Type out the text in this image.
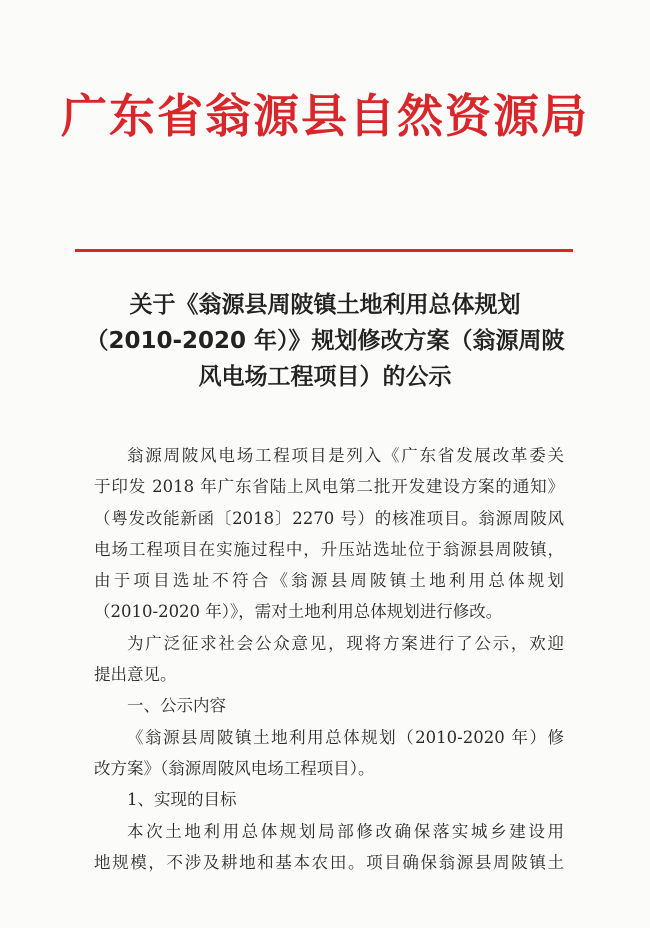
广东省翁源县自然资源局
关于《翁源县周陂镇土地利用总体规划
（2010-2020 年）》规划修改方案（翁源周陂
风电场工程项目）的公示

翁源周陂风电场工程项目是列入《广东省发展改革委关
于印发 2018 年广东省陆上风电第二批开发建设方案的通知》
（粤发改能新函〔2018〕2270 号）的核准项目。翁源周陂风
电场工程项目在实施过程中，升压站选址位于翁源县周陂镇，
由于项目选址不符合《翁源县周陂镇土地利用总体规划
（2010-2020 年）》，需对土地利用总体规划进行修改。

为广泛征求社会公众意见，现将方案进行了公示，欢迎
提出意见。

一、公示内容

《翁源县周陂镇土地利用总体规划（2010-2020 年）修
改方案》（翁源周陂风电场工程项目）。

1、实现的目标

本次土地利用总体规划局部修改确保落实城乡建设用
地规模，不涉及耕地和基本农田。项目确保翁源县周陂镇土
